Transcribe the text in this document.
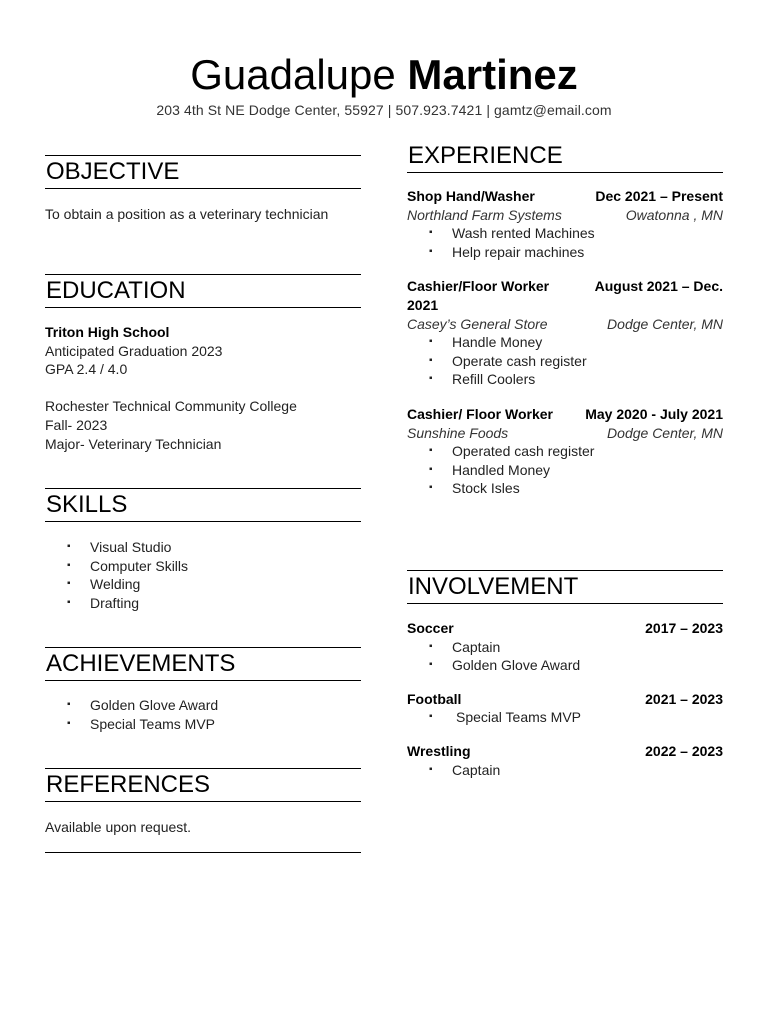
Guadalupe Martinez
203 4th St NE Dodge Center, 55927 | 507.923.7421 | gamtz@email.com
OBJECTIVE
To obtain a position as a veterinary technician
EDUCATION
Triton High School
Anticipated Graduation 2023
GPA 2.4 / 4.0
Rochester Technical Community College
Fall- 2023
Major- Veterinary Technician
SKILLS
▪ Visual Studio
▪ Computer Skills
▪ Welding
▪ Drafting
ACHIEVEMENTS
▪ Golden Glove Award
▪ Special Teams MVP
REFERENCES
Available upon request.
EXPERIENCE
Shop Hand/Washer	Dec 2021 – Present
Northland Farm Systems	Owatonna , MN
▪ Wash rented Machines
▪ Help repair machines
Cashier/Floor Worker	August 2021 – Dec.
2021
Casey’s General Store	Dodge Center, MN
▪ Handle Money
▪ Operate cash register
▪ Refill Coolers
Cashier/ Floor Worker May 2020 - July 2021
Sunshine Foods	Dodge Center, MN
▪ Operated cash register
▪ Handled Money
▪ Stock Isles
INVOLVEMENT
Soccer	2017 – 2023
▪ Captain
▪ Golden Glove Award
Football	2021 – 2023
▪ Special Teams MVP
Wrestling	2022 – 2023
▪ Captain
